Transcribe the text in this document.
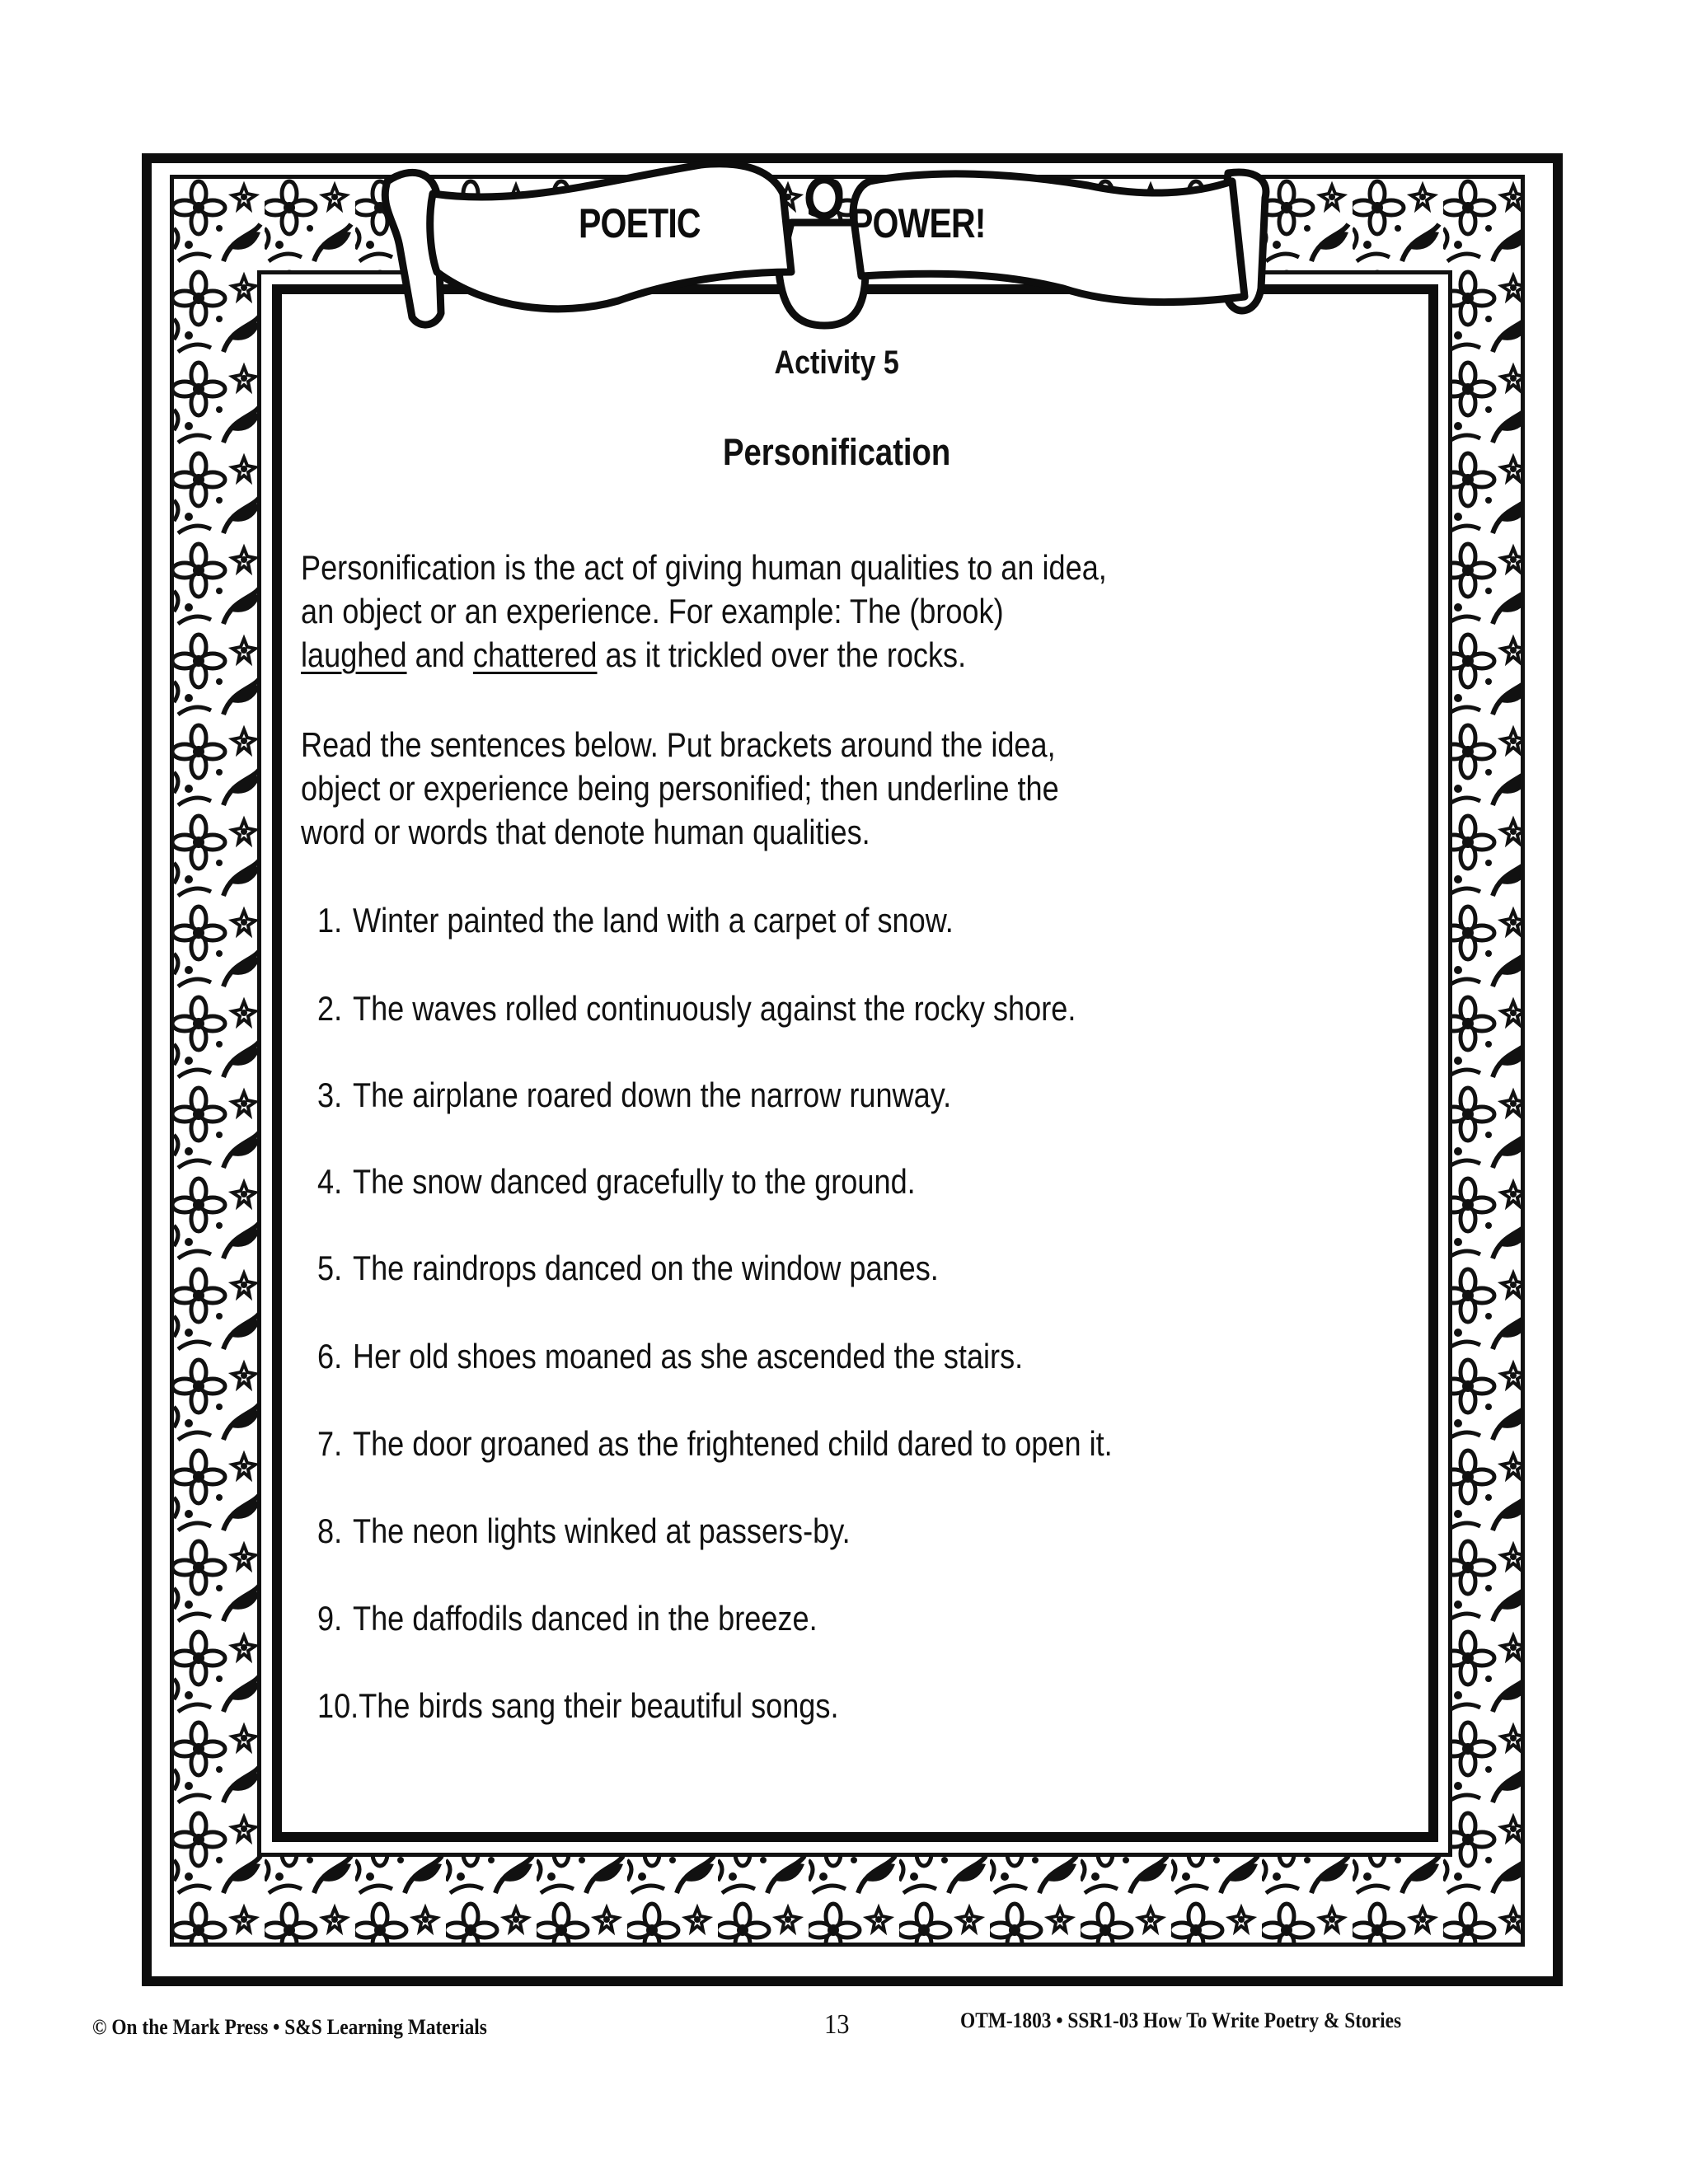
POETIC	POWER!
Activity 5
Personification
Personification is the act of giving human qualities to an idea,
an object or an experience. For example: The (brook)
laughed and chattered as it trickled over the rocks.
Read the sentences below. Put brackets around the idea,
object or experience being personified; then underline the
word or words that denote human qualities.
1. Winter painted the land with a carpet of snow.
2. The waves rolled continuously against the rocky shore.
3. The airplane roared down the narrow runway.
4. The snow danced gracefully to the ground.
5. The raindrops danced on the window panes.
6. Her old shoes moaned as she ascended the stairs.
7. The door groaned as the frightened child dared to open it.
8. The neon lights winked at passers-by.
9. The daffodils danced in the breeze.
10.The birds sang their beautiful songs.
© On the Mark Press • S&S Learning Materials	13	OTM-1803 • SSR1-03 How To Write Poetry & Stories
